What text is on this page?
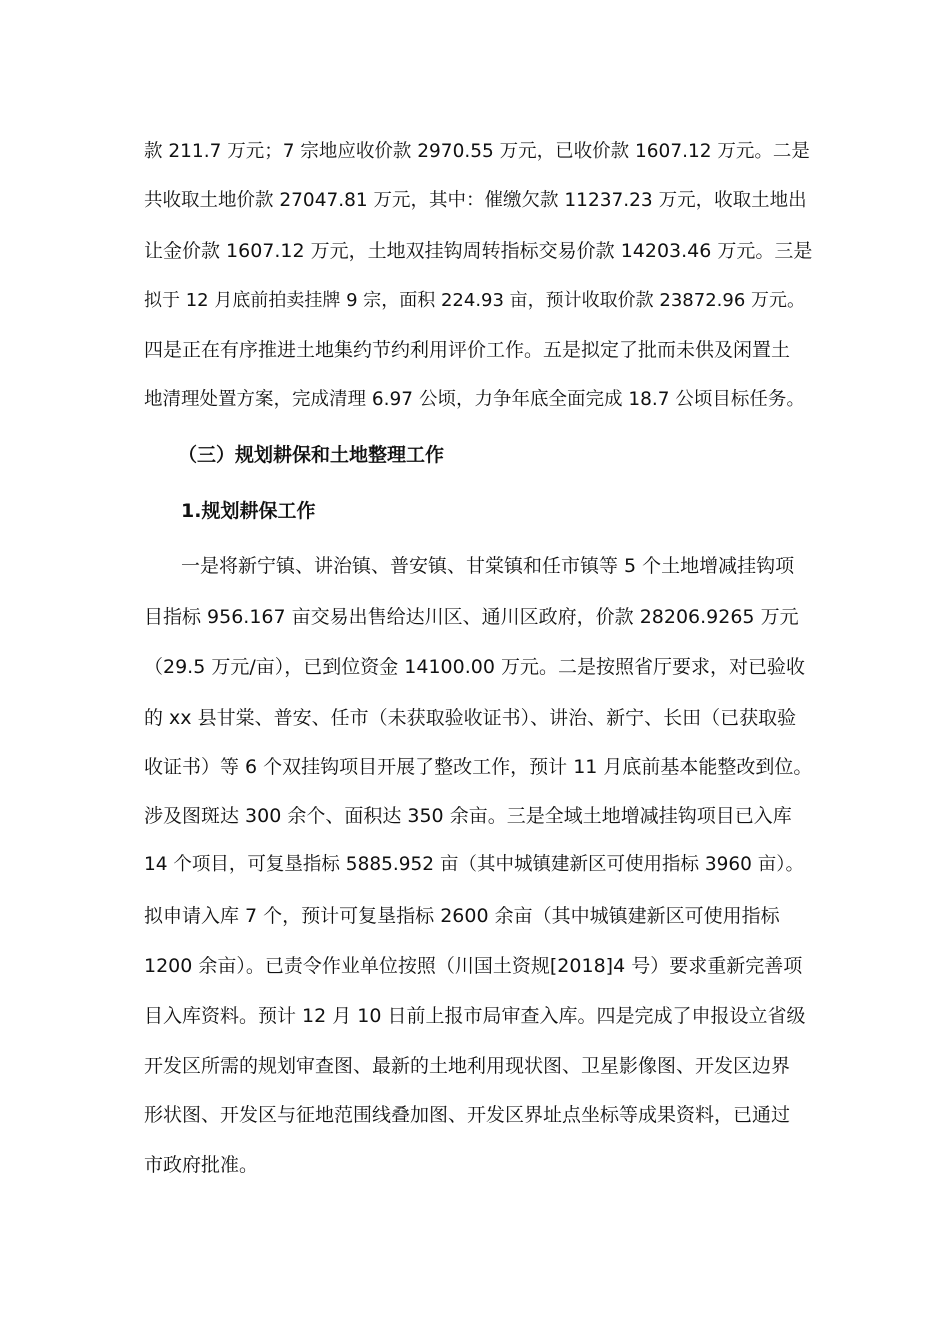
款 211.7 万元；7 宗地应收价款 2970.55 万元，已收价款 1607.12 万元。二是
共收取土地价款 27047.81 万元，其中：催缴欠款 11237.23 万元，收取土地出
让金价款 1607.12 万元，土地双挂钩周转指标交易价款 14203.46 万元。三是
拟于 12 月底前拍卖挂牌 9 宗，面积 224.93 亩，预计收取价款 23872.96 万元。
四是正在有序推进土地集约节约利用评价工作。五是拟定了批而未供及闲置土
地清理处置方案，完成清理 6.97 公顷，力争年底全面完成 18.7 公顷目标任务。
（三）规划耕保和土地整理工作
1.规划耕保工作
一是将新宁镇、讲治镇、普安镇、甘棠镇和任市镇等 5 个土地增减挂钩项
目指标 956.167 亩交易出售给达川区、通川区政府，价款 28206.9265 万元
（29.5 万元/亩），已到位资金 14100.00 万元。二是按照省厅要求，对已验收
的 xx 县甘棠、普安、任市（未获取验收证书）、讲治、新宁、长田（已获取验
收证书）等 6 个双挂钩项目开展了整改工作，预计 11 月底前基本能整改到位。
涉及图斑达 300 余个、面积达 350 余亩。三是全域土地增减挂钩项目已入库
14 个项目，可复垦指标 5885.952 亩（其中城镇建新区可使用指标 3960 亩）。
拟申请入库 7 个，预计可复垦指标 2600 余亩（其中城镇建新区可使用指标
1200 余亩）。已责令作业单位按照（川国土资规[2018]4 号）要求重新完善项
目入库资料。预计 12 月 10 日前上报市局审查入库。四是完成了申报设立省级
开发区所需的规划审查图、最新的土地利用现状图、卫星影像图、开发区边界
形状图、开发区与征地范围线叠加图、开发区界址点坐标等成果资料，已通过
市政府批准。
